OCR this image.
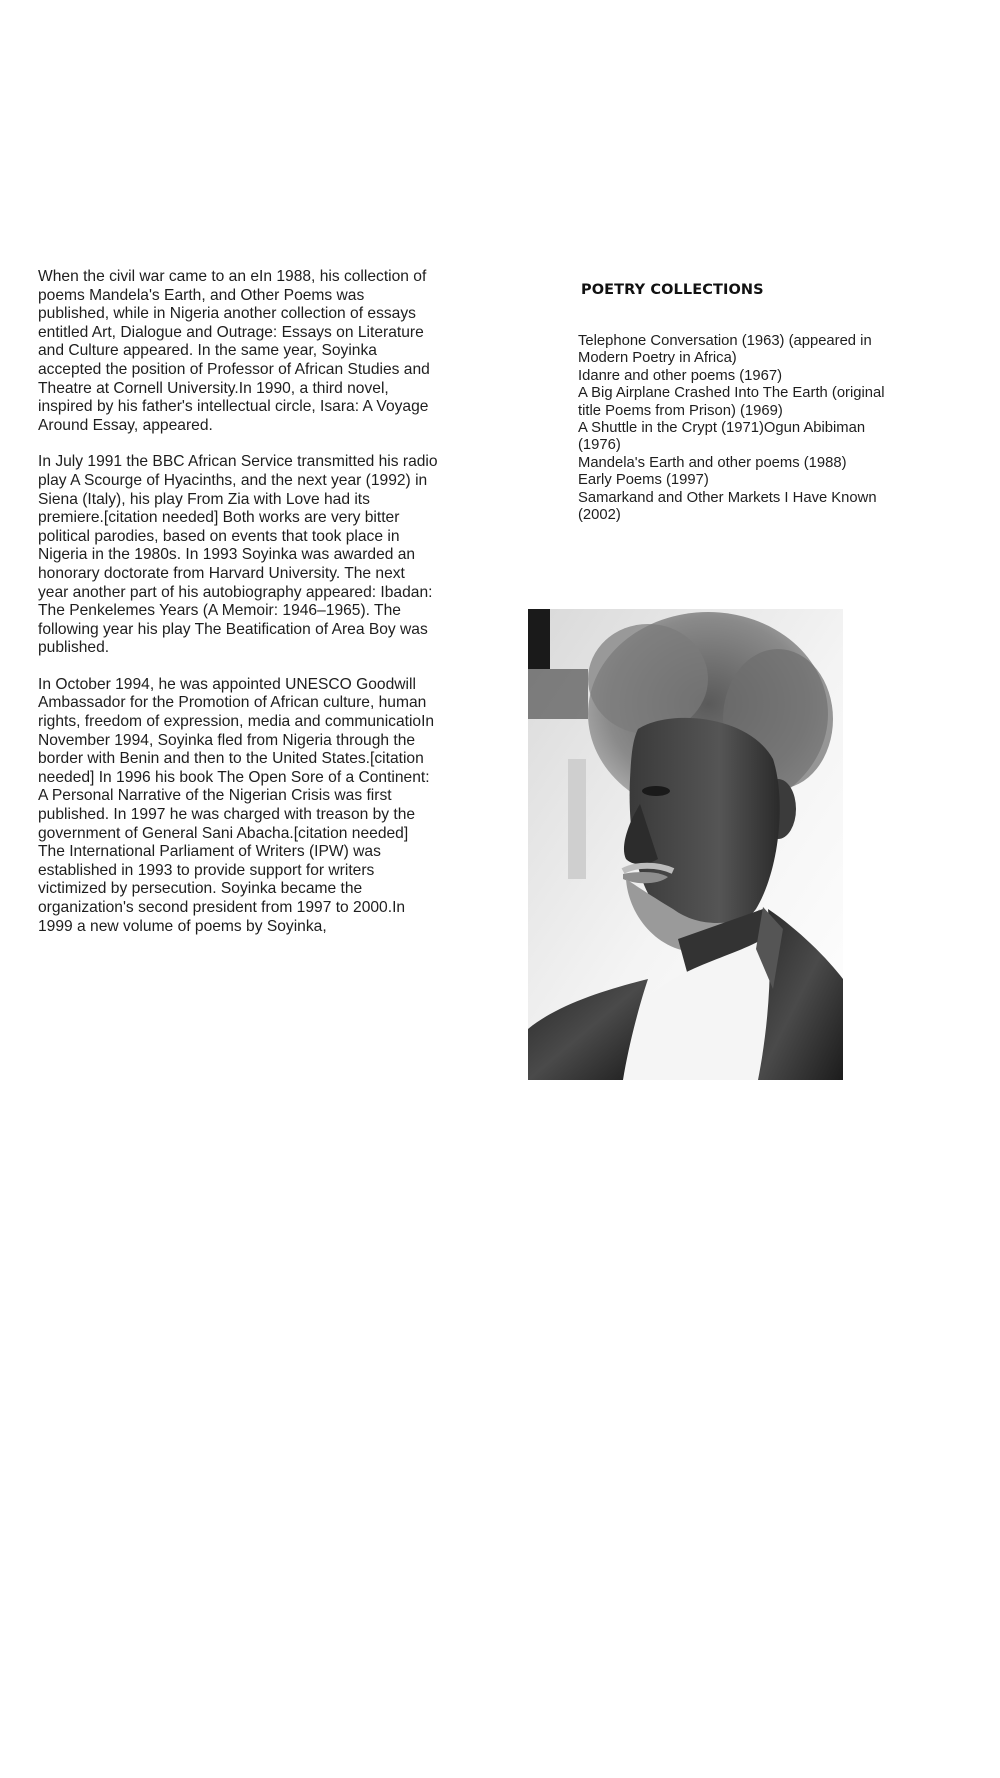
When the civil war came to an eIn 1988, his collection of poems Mandela's Earth, and Other Poems was published, while in Nigeria another collection of essays entitled Art, Dialogue and Outrage: Essays on Literature and Culture appeared. In the same year, Soyinka accepted the position of Professor of African Studies and Theatre at Cornell University.In 1990, a third novel, inspired by his father's intellectual circle, Isara: A Voyage Around Essay, appeared.

In July 1991 the BBC African Service transmitted his radio play A Scourge of Hyacinths, and the next year (1992) in Siena (Italy), his play From Zia with Love had its premiere.[citation needed] Both works are very bitter political parodies, based on events that took place in Nigeria in the 1980s. In 1993 Soyinka was awarded an honorary doctorate from Harvard University. The next year another part of his autobiography appeared: Ibadan: The Penkelemes Years (A Memoir: 1946–1965). The following year his play The Beatification of Area Boy was published.

In October 1994, he was appointed UNESCO Goodwill Ambassador for the Promotion of African culture, human rights, freedom of expression, media and communicatioIn November 1994, Soyinka fled from Nigeria through the border with Benin and then to the United States.[citation needed] In 1996 his book The Open Sore of a Continent: A Personal Narrative of the Nigerian Crisis was first published. In 1997 he was charged with treason by the government of General Sani Abacha.[citation needed] The International Parliament of Writers (IPW) was established in 1993 to provide support for writers victimized by persecution. Soyinka became the organization's second president from 1997 to 2000.In 1999 a new volume of poems by Soyinka,

POETRY COLLECTIONS
Telephone Conversation (1963) (appeared in Modern Poetry in Africa)
Idanre and other poems (1967)
A Big Airplane Crashed Into The Earth (original title Poems from Prison) (1969)
A Shuttle in the Crypt (1971)Ogun Abibiman (1976)
Mandela's Earth and other poems (1988)
Early Poems (1997)
Samarkand and Other Markets I Have Known (2002)
